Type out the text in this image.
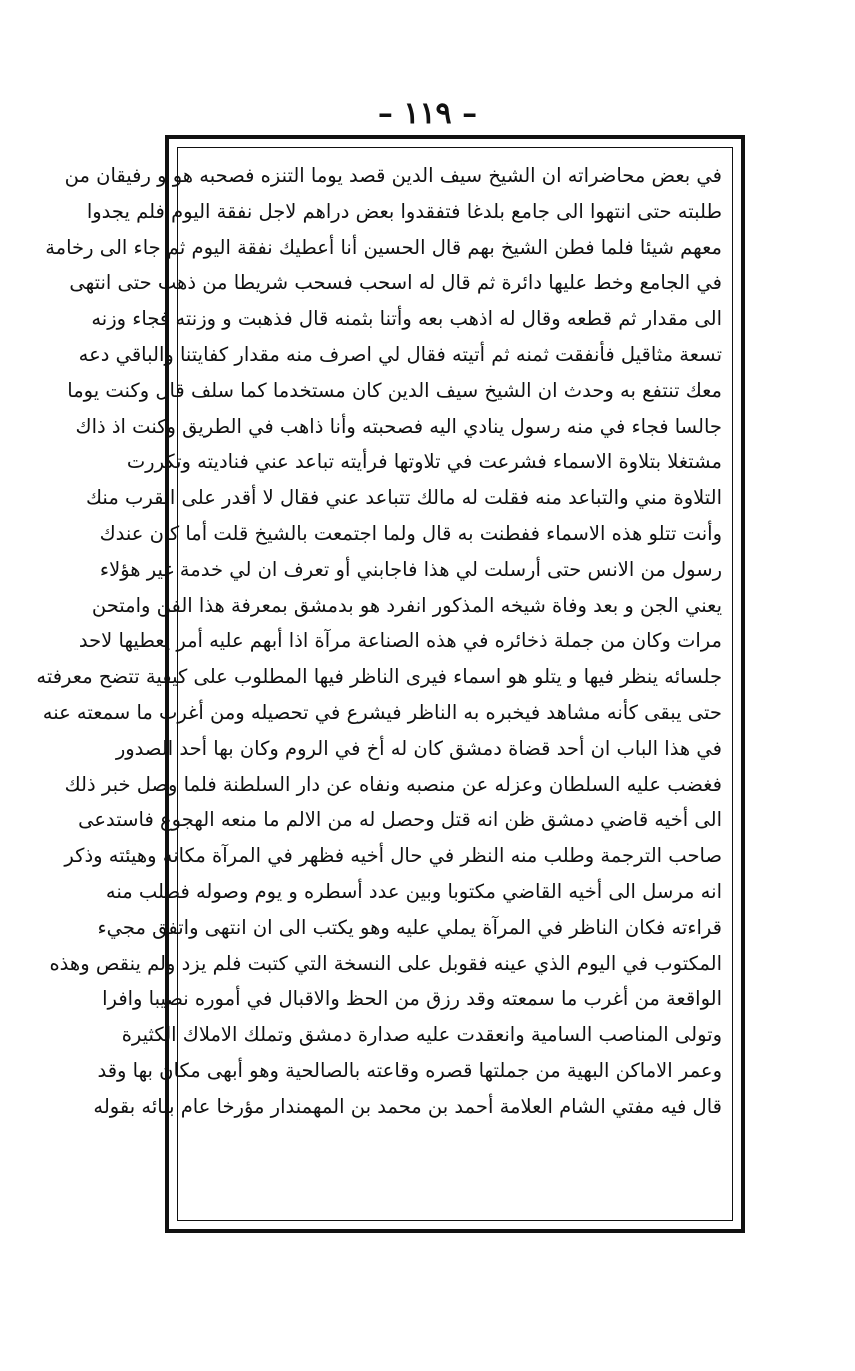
– ١١٩ –
في بعض محاضراته ان الشيخ سيف الدين قصد يوما التنزه فصحبه هو و رفيقان من
طلبته حتى انتهوا الى جامع بلدغا فتفقدوا بعض دراهم لاجل نفقة اليوم فلم يجدوا
معهم شيئا فلما فطن الشيخ بهم قال الحسين أنا أعطيك نفقة اليوم ثم جاء الى رخامة
في الجامع وخط عليها دائرة ثم قال له اسحب فسحب شريطا من ذهب حتى انتهى
الى مقدار ثم قطعه وقال له اذهب بعه وأتنا بثمنه قال فذهبت و وزنته فجاء وزنه
تسعة مثاقيل فأنفقت ثمنه ثم أتيته فقال لي اصرف منه مقدار كفايتنا والباقي دعه
معك تنتفع به وحدث ان الشيخ سيف الدين كان مستخدما كما سلف قال وكنت يوما
جالسا فجاء في منه رسول ينادي اليه فصحبته وأنا ذاهب في الطريق وكنت اذ ذاك
مشتغلا بتلاوة الاسماء فشرعت في تلاوتها فرأيته تباعد عني فناديته وتكررت
التلاوة مني والتباعد منه فقلت له مالك تتباعد عني فقال لا أقدر على القرب منك
وأنت تتلو هذه الاسماء ففطنت به قال ولما اجتمعت بالشيخ قلت أما كان عندك
رسول من الانس حتى أرسلت لي هذا فاجابني أو تعرف ان لي خدمة غير هؤلاء
يعني الجن و بعد وفاة شيخه المذكور انفرد هو بدمشق بمعرفة هذا الفن وامتحن
مرات وكان من جملة ذخائره في هذه الصناعة مرآة اذا أبهم عليه أمر يعطيها لاحد
جلسائه ينظر فيها و يتلو هو اسماء فيرى الناظر فيها المطلوب على كيفية تتضح معرفته
حتى يبقى كأنه مشاهد فيخبره به الناظر فيشرع في تحصيله ومن أغرب ما سمعته عنه
في هذا الباب ان أحد قضاة دمشق كان له أخ في الروم وكان بها أحد الصدور
فغضب عليه السلطان وعزله عن منصبه ونفاه عن دار السلطنة فلما وصل خبر ذلك
الى أخيه قاضي دمشق ظن انه قتل وحصل له من الالم ما منعه الهجوع فاستدعى
صاحب الترجمة وطلب منه النظر في حال أخيه فظهر في المرآة مكانه وهيئته وذكر
انه مرسل الى أخيه القاضي مكتوبا وبين عدد أسطره و يوم وصوله فطلب منه
قراءته فكان الناظر في المرآة يملي عليه وهو يكتب الى ان انتهى واتفق مجيء
المكتوب في اليوم الذي عينه فقوبل على النسخة التي كتبت فلم يزد ولم ينقص وهذه
الواقعة من أغرب ما سمعته وقد رزق من الحظ والاقبال في أموره نصيبا وافرا
وتولى المناصب السامية وانعقدت عليه صدارة دمشق وتملك الاملاك الكثيرة
وعمر الاماكن البهية من جملتها قصره وقاعته بالصالحية وهو أبهى مكان بها وقد
قال فيه مفتي الشام العلامة أحمد بن محمد بن المهمندار مؤرخا عام بنائه بقوله
